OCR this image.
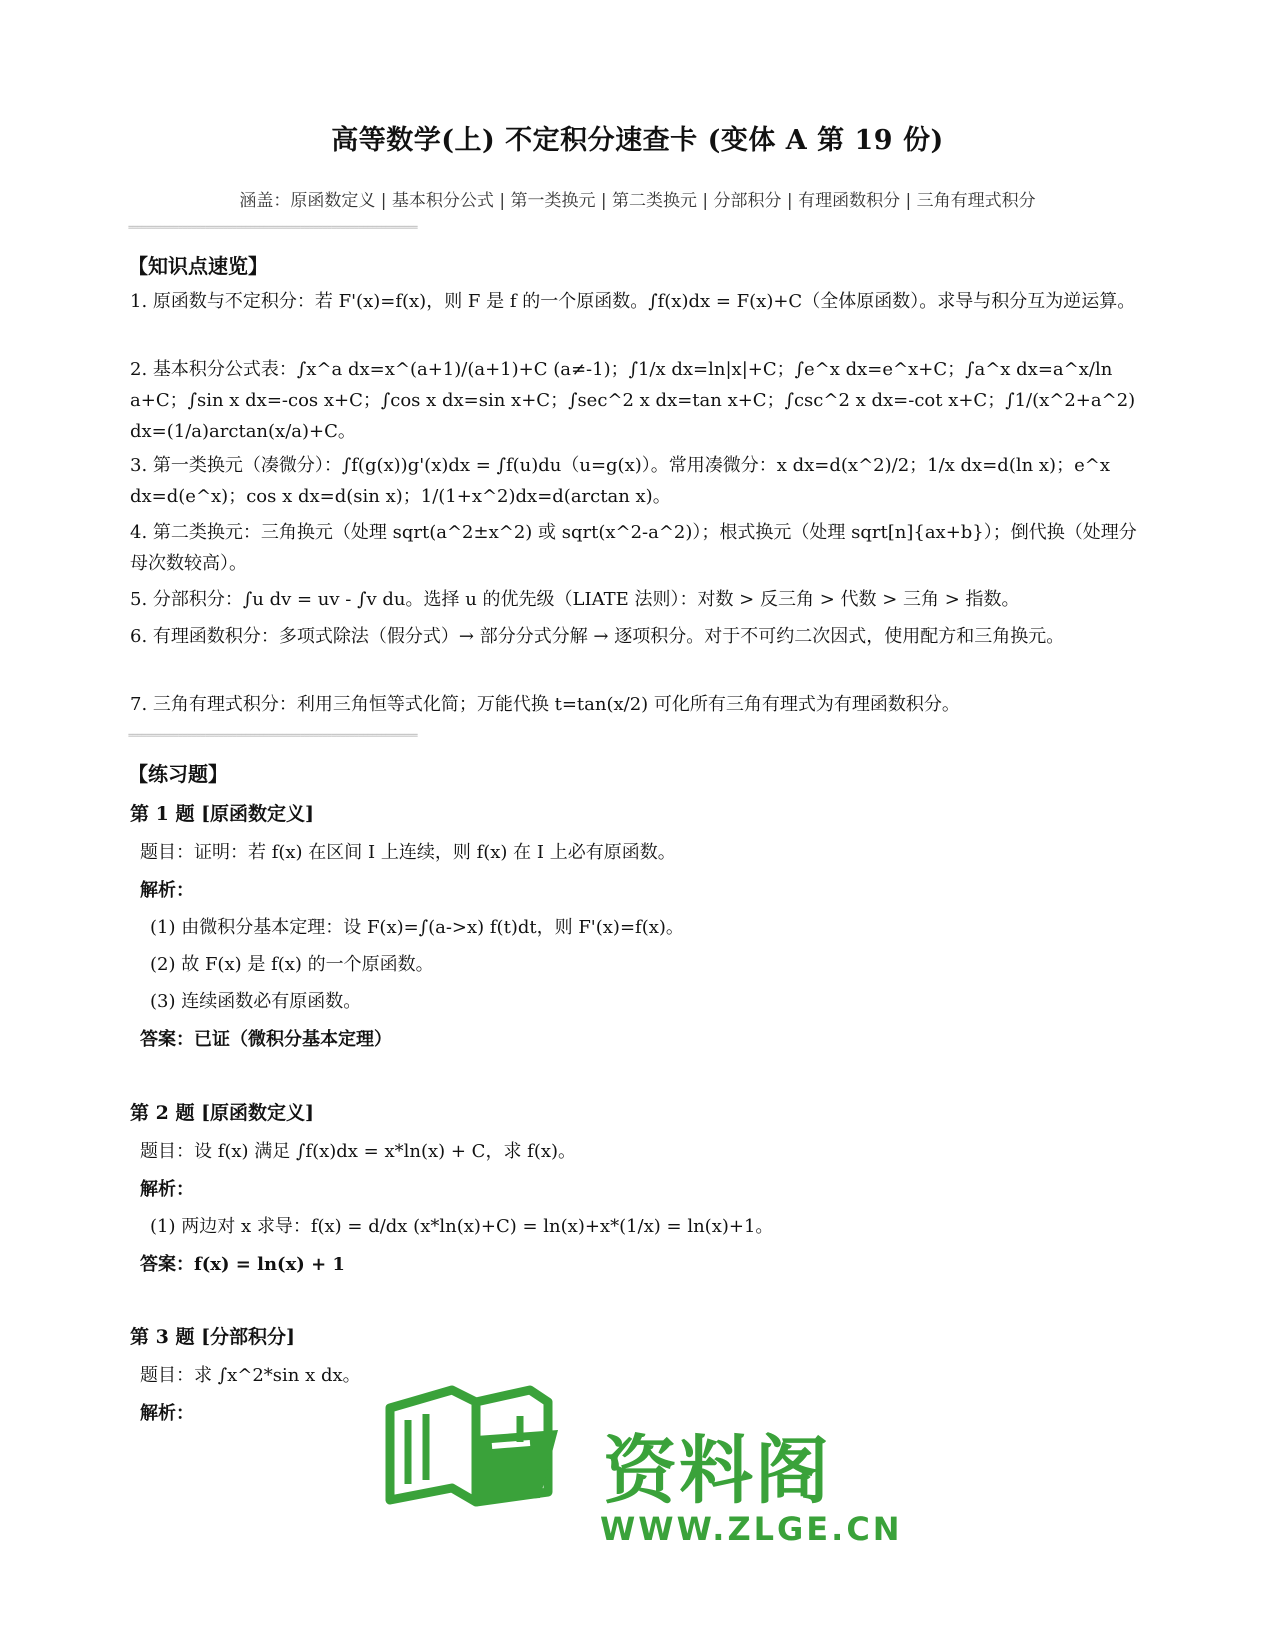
高等数学(上) 不定积分速查卡 (变体 A 第 19 份)
涵盖：原函数定义 | 基本积分公式 | 第一类换元 | 第二类换元 | 分部积分 | 有理函数积分 | 三角有理式积分
================================================================
【知识点速览】
1. 原函数与不定积分：若 F'(x)=f(x)，则 F 是 f 的一个原函数。∫f(x)dx = F(x)+C（全体原函数）。求导与积分互为逆运算。
2. 基本积分公式表：∫x^a dx=x^(a+1)/(a+1)+C (a≠-1)；∫1/x dx=ln|x|+C；∫e^x dx=e^x+C；∫a^x dx=a^x/ln a+C；∫sin x dx=-cos x+C；∫cos x dx=sin x+C；∫sec^2 x dx=tan x+C；∫csc^2 x dx=-cot x+C；∫1/(x^2+a^2) dx=(1/a)arctan(x/a)+C。
3. 第一类换元（凑微分）：∫f(g(x))g'(x)dx = ∫f(u)du（u=g(x)）。常用凑微分：x dx=d(x^2)/2；1/x dx=d(ln x)；e^x dx=d(e^x)；cos x dx=d(sin x)；1/(1+x^2)dx=d(arctan x)。
4. 第二类换元：三角换元（处理 sqrt(a^2±x^2) 或 sqrt(x^2-a^2)）；根式换元（处理 sqrt[n]{ax+b}）；倒代换（处理分母次数较高）。
5. 分部积分：∫u dv = uv - ∫v du。选择 u 的优先级（LIATE 法则）：对数 > 反三角 > 代数 > 三角 > 指数。
6. 有理函数积分：多项式除法（假分式）→ 部分分式分解 → 逐项积分。对于不可约二次因式，使用配方和三角换元。
7. 三角有理式积分：利用三角恒等式化简；万能代换 t=tan(x/2) 可化所有三角有理式为有理函数积分。
================================================================
【练习题】
第 1 题 [原函数定义]
题目：证明：若 f(x) 在区间 I 上连续，则 f(x) 在 I 上必有原函数。
解析：
(1) 由微积分基本定理：设 F(x)=∫(a->x) f(t)dt，则 F'(x)=f(x)。
(2) 故 F(x) 是 f(x) 的一个原函数。
(3) 连续函数必有原函数。
答案：已证（微积分基本定理）
第 2 题 [原函数定义]
题目：设 f(x) 满足 ∫f(x)dx = x*ln(x) + C，求 f(x)。
解析：
(1) 两边对 x 求导：f(x) = d/dx (x*ln(x)+C) = ln(x)+x*(1/x) = ln(x)+1。
答案：f(x) = ln(x) + 1
第 3 题 [分部积分]
题目：求 ∫x^2*sin x dx。
解析：
资料阁
WWW.ZLGE.CN
